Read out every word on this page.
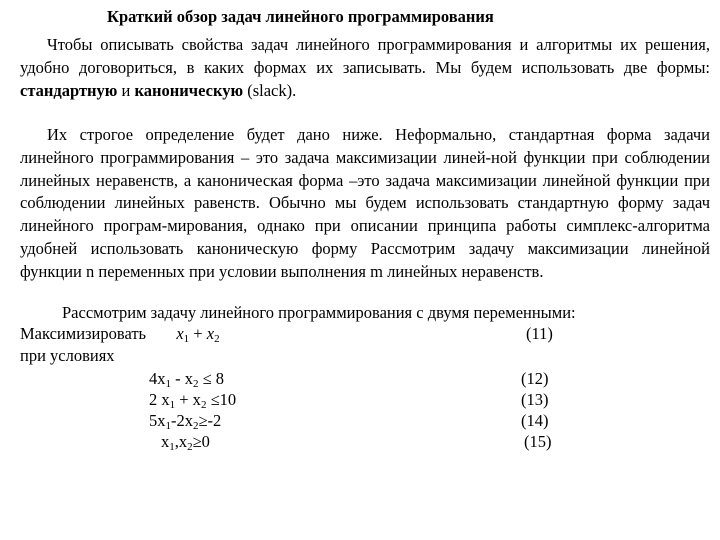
Краткий обзор задач линейного программирования
Чтобы описывать свойства задач линейного программирования и алгоритмы их решения, удобно договориться, в каких формах их записывать. Мы будем использовать две формы: стандартную и каноническую (slack).
Их строгое определение будет дано ниже. Неформально, стандартная форма задачи линейного программирования – это задача максимизации линей-ной функции при соблюдении линейных неравенств, а каноническая форма –это задача максимизации линейной функции при соблюдении линейных равенств. Обычно мы будем использовать стандартную форму задач линейного програм-мирования, однако при описании принципа работы симплекс-алгоритма удобней использовать каноническую форму Рассмотрим задачу максимизации линейной функции n переменных при условии выполнения m линейных неравенств.
Рассмотрим задачу линейного программирования с двумя переменными:
Максимизировать $x_1 + x_2$	(11)
при условиях
$4x_1 - x_2 \le 8$	(12)
2 $x_1 + x_2 \le 10$	(13)
$5x_1-2x_2\ge-2$	(14)
$x_1,x_2\ge 0$	(15)
